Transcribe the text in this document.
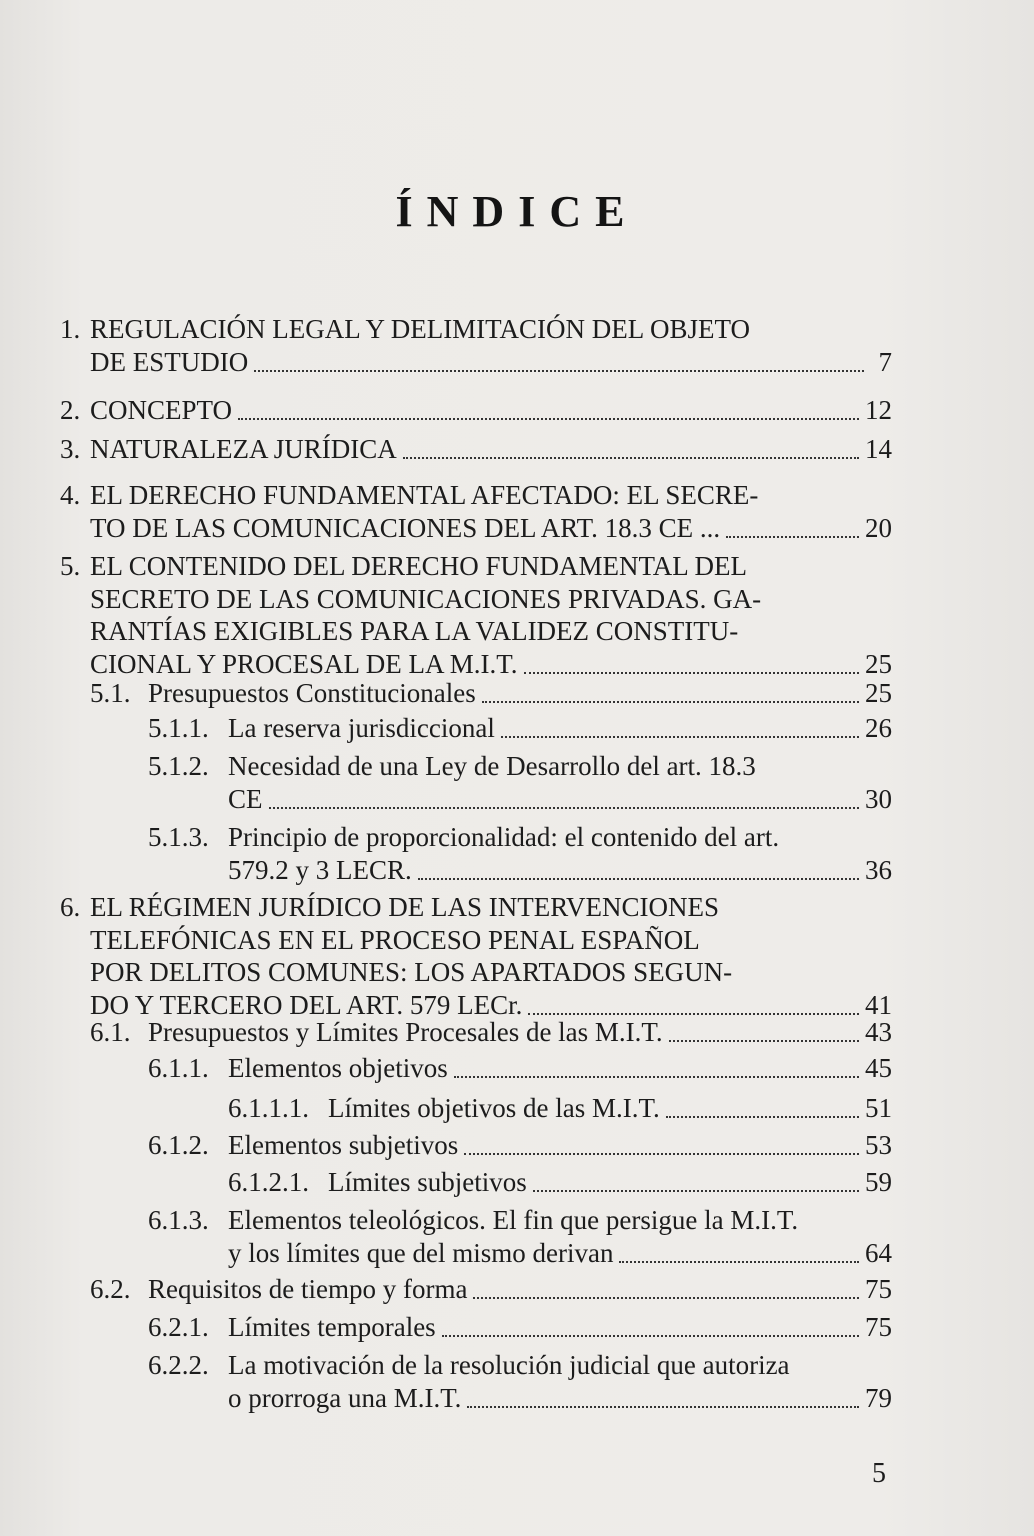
ÍNDICE
1. REGULACIÓN LEGAL Y DELIMITACIÓN DEL OBJETO
DE ESTUDIO	7
2. CONCEPTO	12
3. NATURALEZA JURÍDICA	14
4. EL DERECHO FUNDAMENTAL AFECTADO: EL SECRE-
TO DE LAS COMUNICACIONES DEL ART. 18.3 CE ...	20
5. EL CONTENIDO DEL DERECHO FUNDAMENTAL DEL
SECRETO DE LAS COMUNICACIONES PRIVADAS. GA-
RANTÍAS EXIGIBLES PARA LA VALIDEZ CONSTITU-
CIONAL Y PROCESAL DE LA M.I.T.	25
5.1. Presupuestos Constitucionales	25
5.1.1. La reserva jurisdiccional	26
5.1.2. Necesidad de una Ley de Desarrollo del art. 18.3
CE	30
5.1.3. Principio de proporcionalidad: el contenido del art.
579.2 y 3 LECR.	36
6. EL RÉGIMEN JURÍDICO DE LAS INTERVENCIONES
TELEFÓNICAS EN EL PROCESO PENAL ESPAÑOL
POR DELITOS COMUNES: LOS APARTADOS SEGUN-
DO Y TERCERO DEL ART. 579 LECr.	41
6.1. Presupuestos y Límites Procesales de las M.I.T.	43
6.1.1. Elementos objetivos	45
6.1.1.1. Límites objetivos de las M.I.T.	51
6.1.2. Elementos subjetivos	53
6.1.2.1. Límites subjetivos	59
6.1.3. Elementos teleológicos. El fin que persigue la M.I.T.
y los límites que del mismo derivan	64
6.2. Requisitos de tiempo y forma	75
6.2.1. Límites temporales	75
6.2.2. La motivación de la resolución judicial que autoriza
o prorroga una M.I.T.	79
5
